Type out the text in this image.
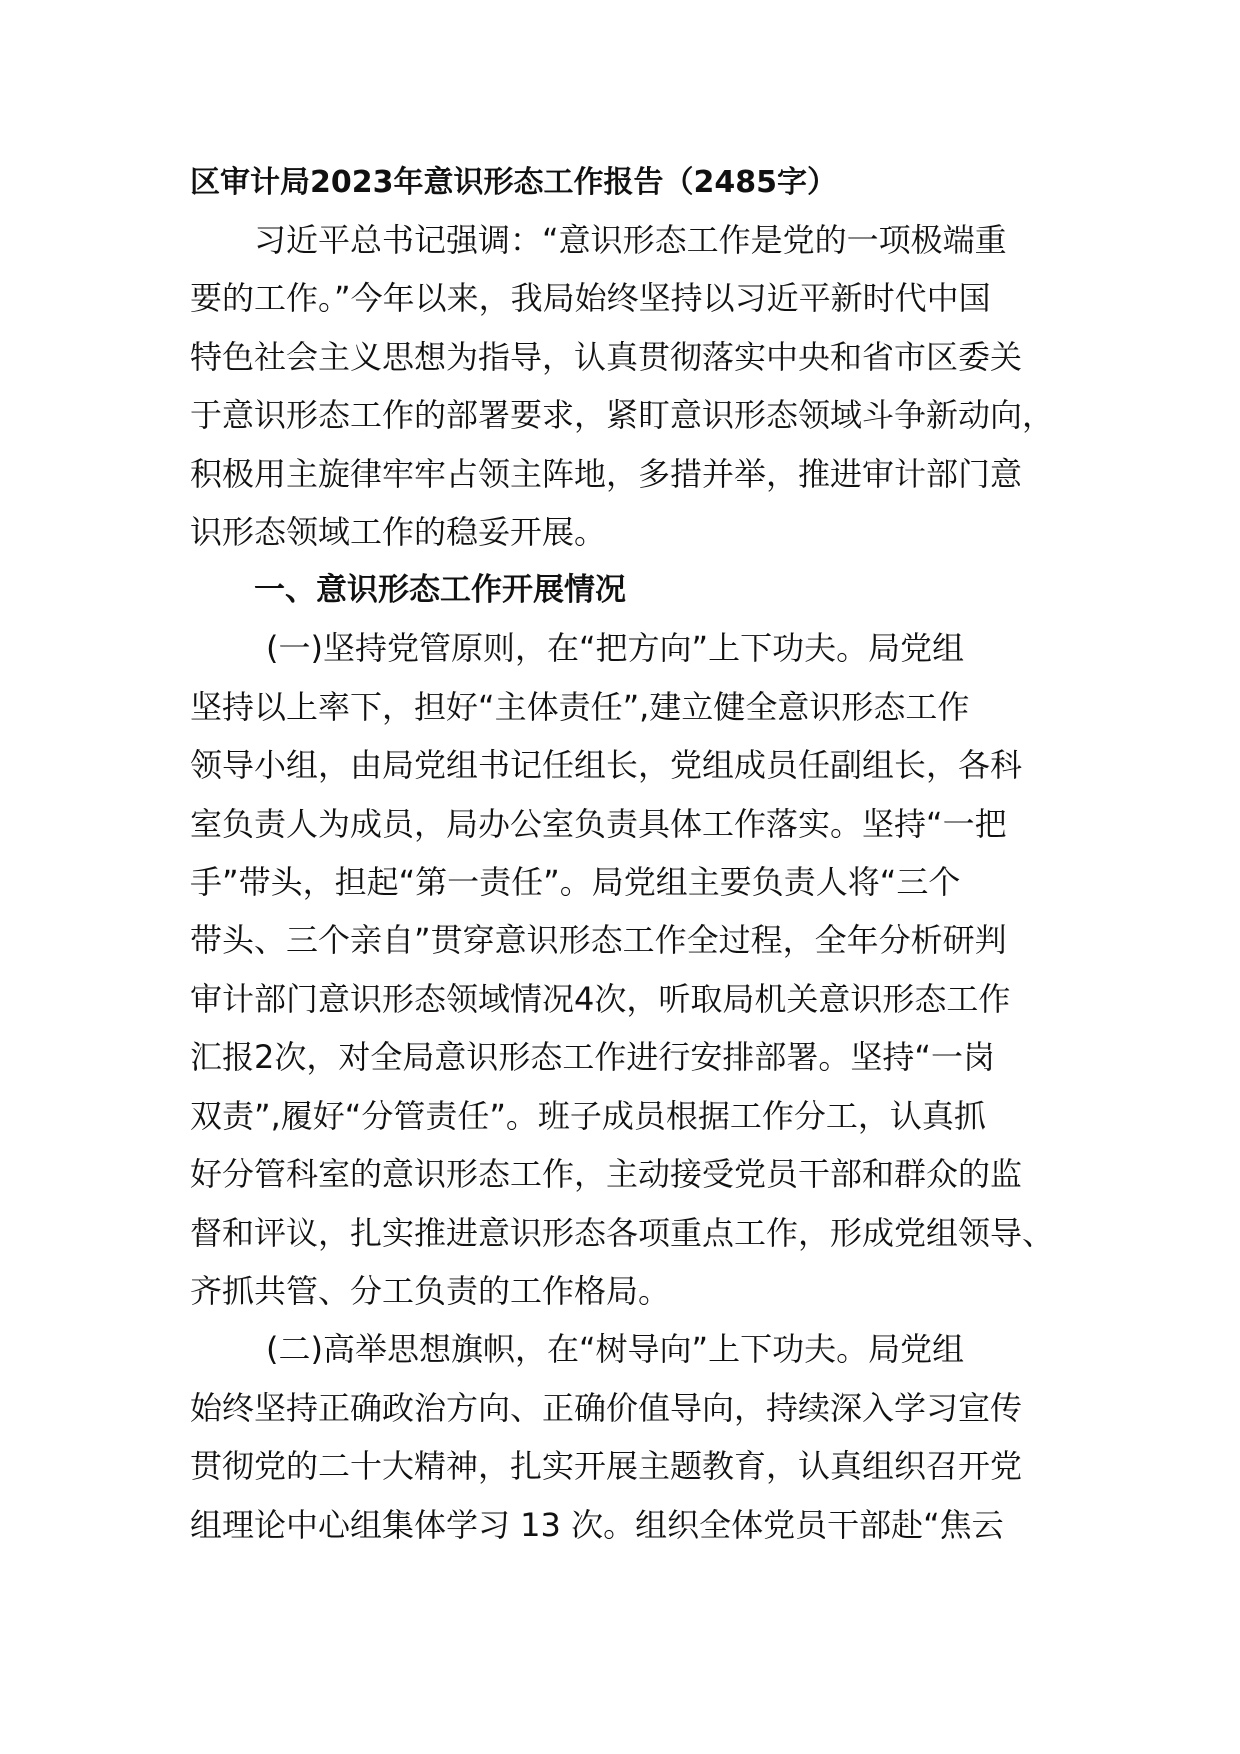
区审计局2023年意识形态工作报告（2485字）
习近平总书记强调：“意识形态工作是党的一项极端重
要的工作。”今年以来，我局始终坚持以习近平新时代中国
特色社会主义思想为指导，认真贯彻落实中央和省市区委关
于意识形态工作的部署要求，紧盯意识形态领域斗争新动向，
积极用主旋律牢牢占领主阵地，多措并举，推进审计部门意
识形态领域工作的稳妥开展。
一、意识形态工作开展情况
(一)坚持党管原则，在“把方向”上下功夫。局党组
坚持以上率下，担好“主体责任”,建立健全意识形态工作
领导小组，由局党组书记任组长，党组成员任副组长，各科
室负责人为成员，局办公室负责具体工作落实。坚持“一把
手”带头，担起“第一责任”。局党组主要负责人将“三个
带头、三个亲自”贯穿意识形态工作全过程，全年分析研判
审计部门意识形态领域情况4次，听取局机关意识形态工作
汇报2次，对全局意识形态工作进行安排部署。坚持“一岗
双责”,履好“分管责任”。班子成员根据工作分工，认真抓
好分管科室的意识形态工作，主动接受党员干部和群众的监
督和评议，扎实推进意识形态各项重点工作，形成党组领导、
齐抓共管、分工负责的工作格局。
(二)高举思想旗帜，在“树导向”上下功夫。局党组
始终坚持正确政治方向、正确价值导向，持续深入学习宣传
贯彻党的二十大精神，扎实开展主题教育，认真组织召开党
组理论中心组集体学习 13 次。组织全体党员干部赴“焦云
